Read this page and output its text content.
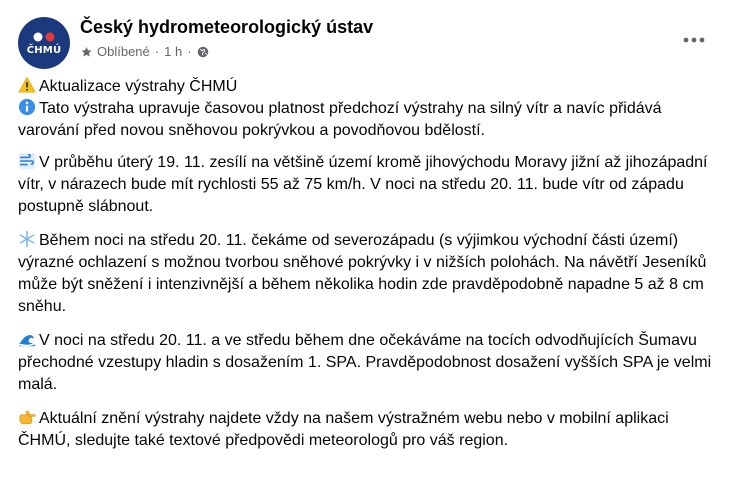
ČHMÚ
Český hydrometeorologický ústav
Oblíbené · 1 h ·

Aktualizace výstrahy ČHMÚ

Tato výstraha upravuje časovou platnost předchozí výstrahy na silný vítr a navíc přidává varování před novou sněhovou pokrývkou a povodňovou bdělostí.

V průběhu úterý 19. 11. zesílí na většině území kromě jihovýchodu Moravy jižní až jihozápadní vítr, v nárazech bude mít rychlosti 55 až 75 km/h. V noci na středu 20. 11. bude vítr od západu postupně slábnout.

Během noci na středu 20. 11. čekáme od severozápadu (s výjimkou východní části území) výrazné ochlazení s možnou tvorbou sněhové pokrývky i v nižších polohách. Na návětří Jeseníků může být sněžení i intenzivnější a během několika hodin zde pravděpodobně napadne 5 až 8 cm sněhu.

V noci na středu 20. 11. a ve středu během dne očekáváme na tocích odvodňujících Šumavu přechodné vzestupy hladin s dosažením 1. SPA. Pravděpodobnost dosažení vyšších SPA je velmi malá.

Aktuální znění výstrahy najdete vždy na našem výstražném webu nebo v mobilní aplikaci ČHMÚ, sledujte také textové předpovědi meteorologů pro váš region.
